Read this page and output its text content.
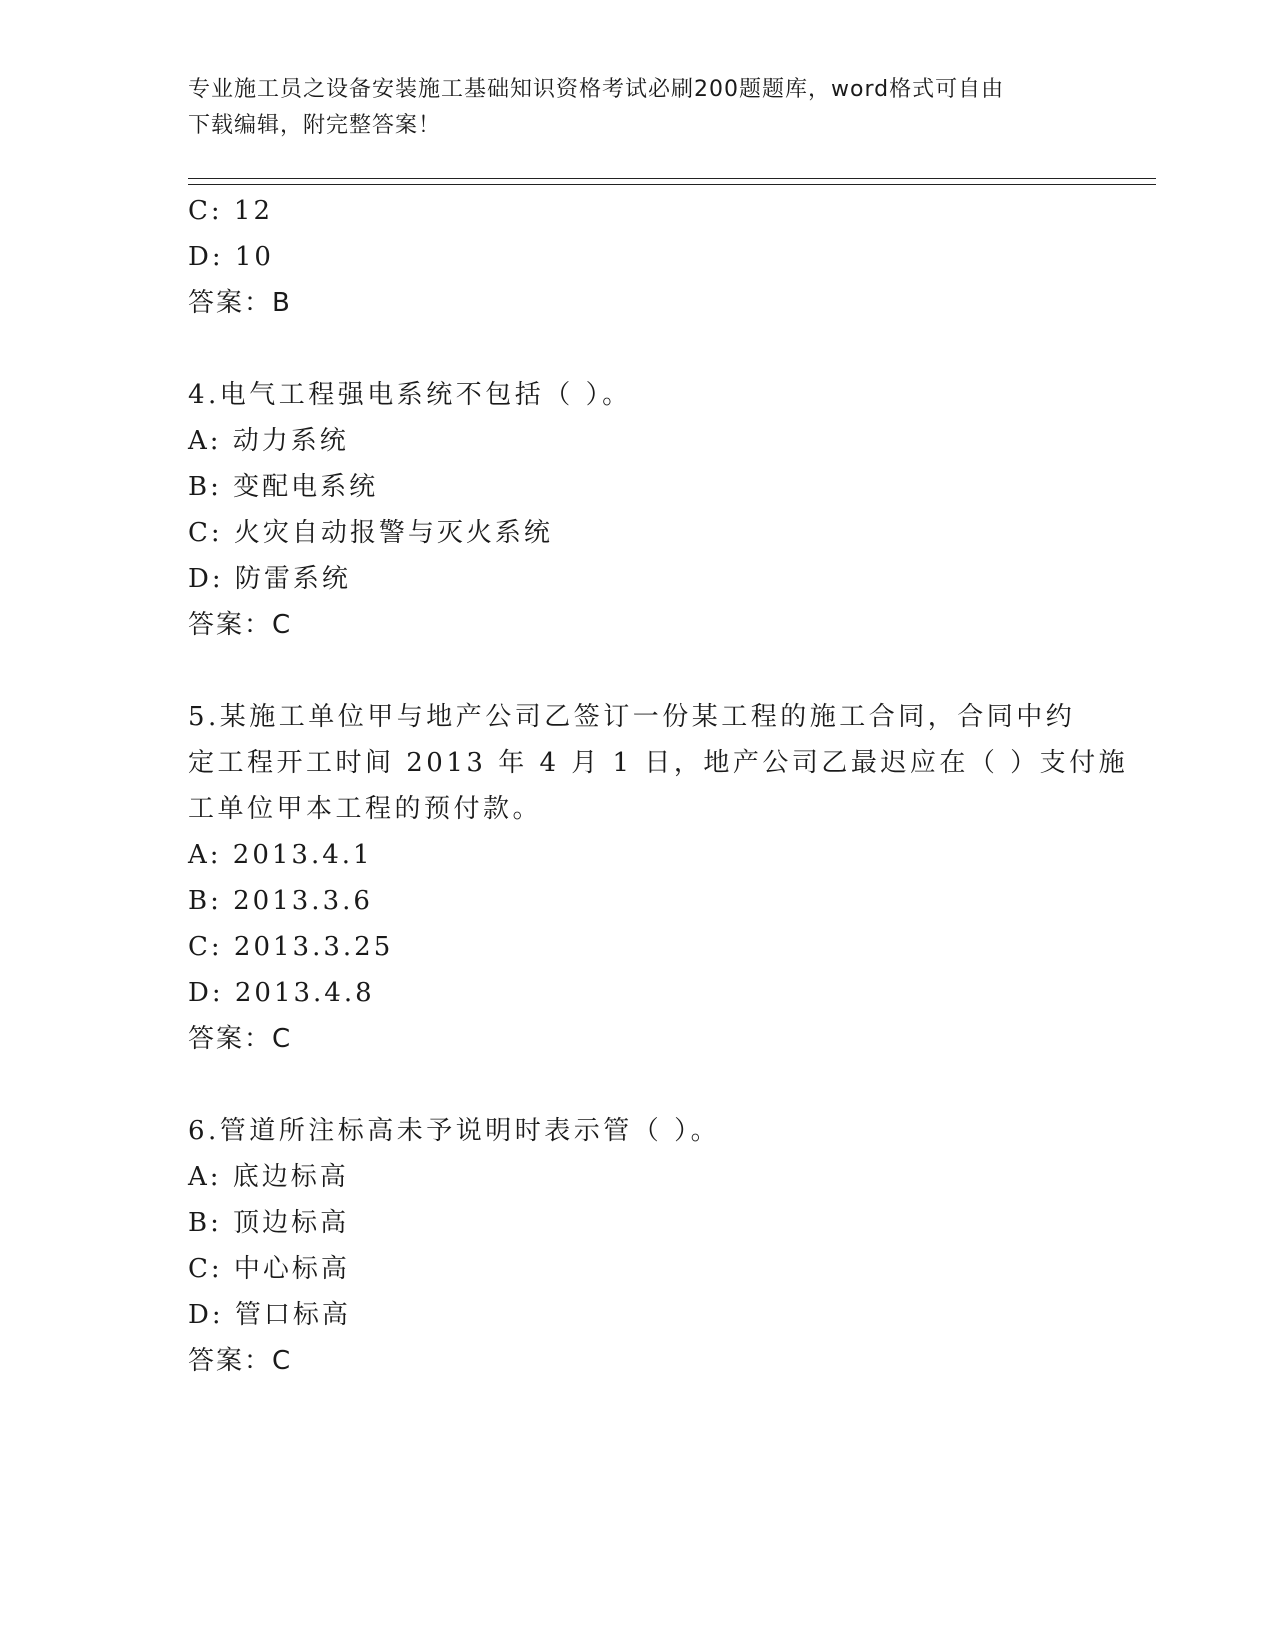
专业施工员之设备安装施工基础知识资格考试必刷200题题库，word格式可自由
下载编辑，附完整答案！
C: 12
D: 10
答案：B
4.电气工程强电系统不包括（ ）。
A: 动力系统
B: 变配电系统
C: 火灾自动报警与灭火系统
D: 防雷系统
答案：C
5.某施工单位甲与地产公司乙签订一份某工程的施工合同，合同中约
定工程开工时间 2013 年 4 月 1 日，地产公司乙最迟应在（ ）支付施
工单位甲本工程的预付款。
A: 2013.4.1
B: 2013.3.6
C: 2013.3.25
D: 2013.4.8
答案：C
6.管道所注标高未予说明时表示管（ ）。
A: 底边标高
B: 顶边标高
C: 中心标高
D: 管口标高
答案：C
